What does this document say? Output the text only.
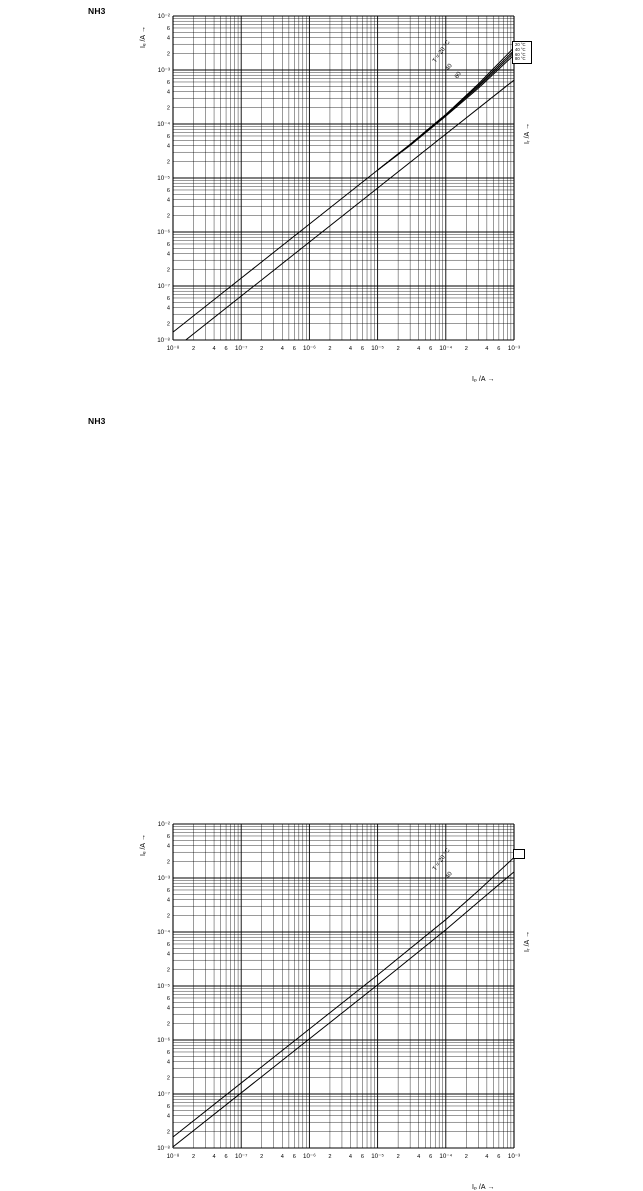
NH3
Iₑ /A →
Iₚ /A →
Iᵣ /A →
10⁻⁸ 2	4 6 10⁻⁷ 2	4 6 10⁻⁶ 2	4 6 10⁻⁵ 2	4 6 10⁻⁴ 2	4 6 10⁻³
10⁻⁸
2
4
6
10⁻⁷
2
4
6
10⁻⁶
2
4
6
10⁻⁵
2
4
6
10⁻⁴
2
4
6
10⁻³
2
4
6
10⁻²
T = 20 °C
40
60
20 °C
40 °C
60 °C
80 °C
NH3
Iₑ /A →
Iₚ /A →
Iᵣ /A →
10⁻⁸ 2	4 6 10⁻⁷ 2	4 6 10⁻⁶ 2	4 6 10⁻⁵ 2	4 6 10⁻⁴ 2	4 6 10⁻³
10⁻⁸
2
4
6
10⁻⁷
2
4
6
10⁻⁶
2
4
6
10⁻⁵
2
4
6
10⁻⁴
2
4
6
10⁻³
2
4
6
10⁻²
T = 20 °C
40
